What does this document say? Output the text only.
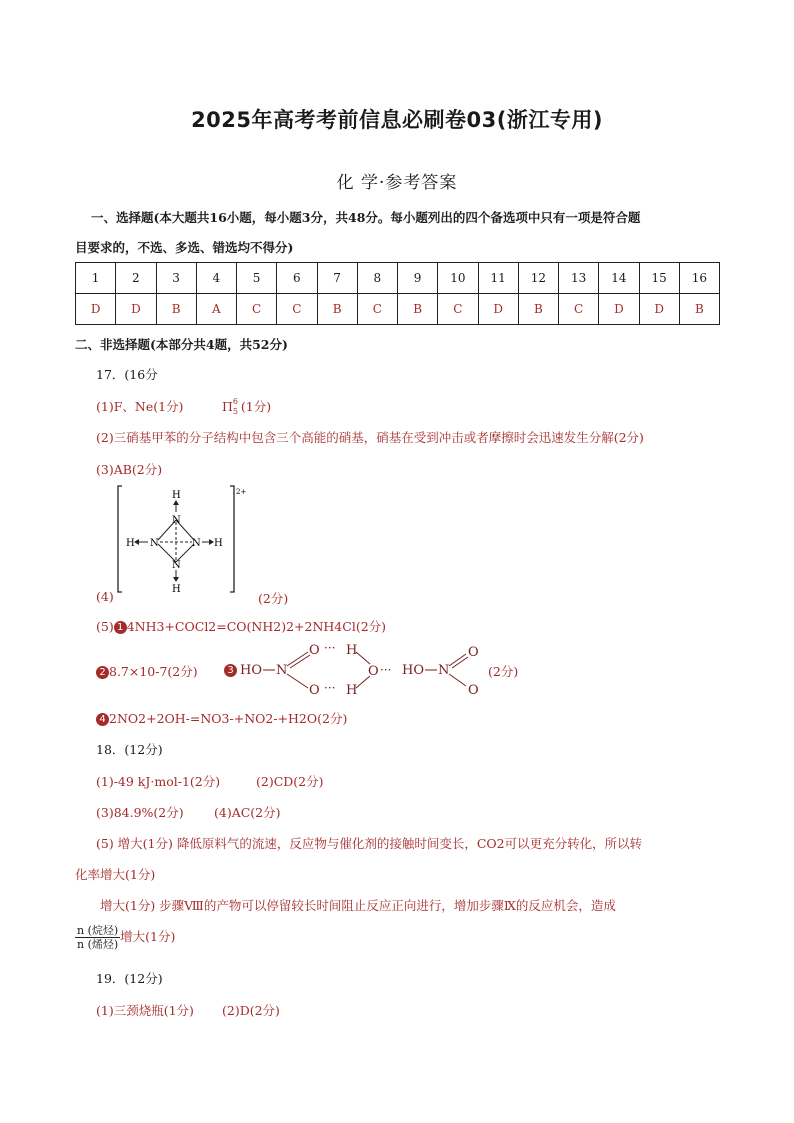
2025年高考考前信息必刷卷03(浙江专用)
化 学·参考答案
一、选择题(本大题共16小题，每小题3分，共48分。每小题列出的四个备选项中只有一项是符合题
目要求的，不选、多选、错选均不得分)
1	2	3	4	5	6	7	8	9	10	11	12	13	14	15	16
D	D	B	A	C	C	B	C	B	C	D	B	C	D	D	B
二、非选择题(本部分共4题，共52分)
17．(16分
(1)F、Ne(1分)	Π 6
5 (1分)
(2)三硝基甲苯的分子结构中包含三个高能的硝基，硝基在受到冲击或者摩擦时会迅速发生分解(2分)
(3)AB(2分)
H
N
N	N
N
H	H
H
2+
(4)	(2分)
(5) 1 4NH3+COCl2=CO(NH2)2+2NH4Cl(2分)
2 8.7×10-7(2分)	3 HO N
O
O
···
···
H
H
O ··· HO N
O
O
(2分)
4 2NO2+2OH-=NO3-+NO2-+H2O(2分)
18．(12分)
(1)-49 kJ·mol-1(2分)	(2)CD(2分)
(3)84.9%(2分) (4)AC(2分)
(5) 增大(1分) 降低原料气的流速，反应物与催化剂的接触时间变长，CO2可以更充分转化，所以转
化率增大(1分)
增大(1分) 步骤Ⅷ的产物可以停留较长时间阻止反应正向进行，增加步骤Ⅸ的反应机会，造成
$\frac{\text{n (烷烃)}}{\text{n (烯烃)}}$ 增大(1分)
19．(12分)
(1)三颈烧瓶(1分) (2)D(2分)
